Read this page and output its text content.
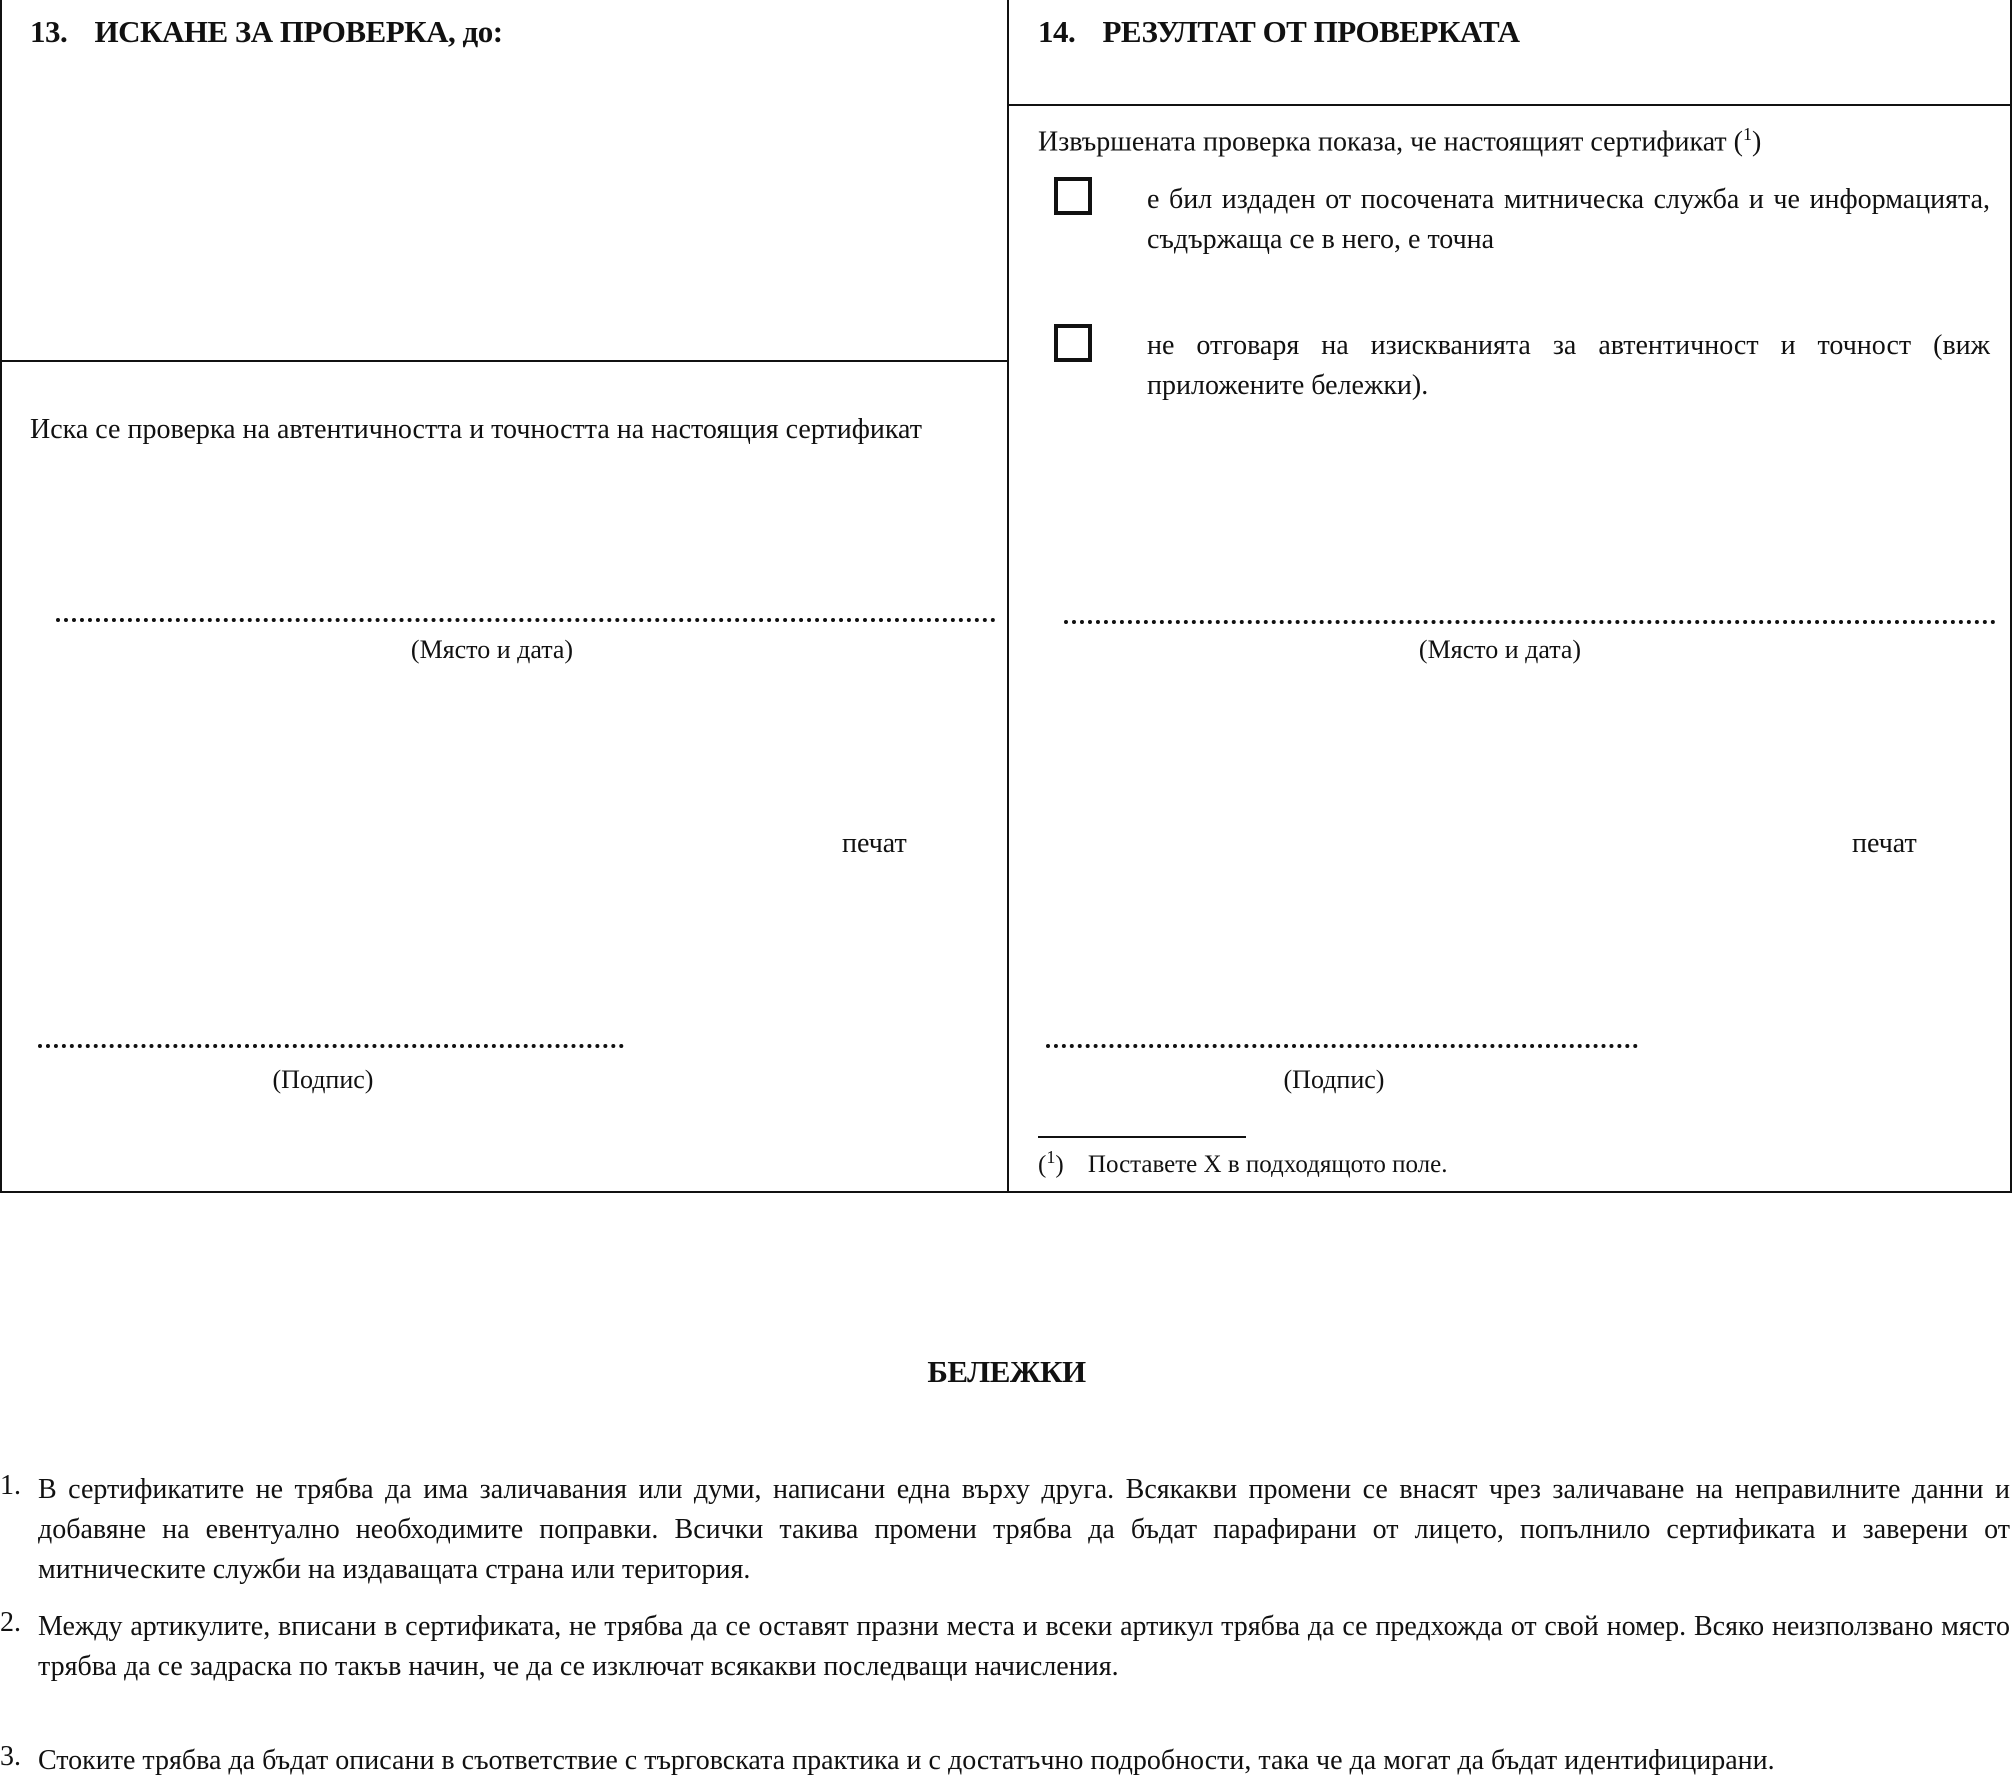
13. ИСКАНЕ ЗА ПРОВЕРКА, до:
Иска се проверка на автентичността и точността на настоящия сертификат
(Място и дата)
печат
(Подпис)
14. РЕЗУЛТАТ ОТ ПРОВЕРКАТА
Извършената проверка показа, че настоящият сертификат ($^1$)
е бил издаден от посочената митническа служба и че информацията, съдържаща се в него, е точна
не отговаря на изискванията за автентичност и точност (виж приложените бележки).
(Място и дата)
печат
(Подпис)
($^1$) Поставете X в подходящото поле.
БЕЛЕЖКИ
1. В сертификатите не трябва да има заличавания или думи, написани една върху друга. Всякакви промени се внасят чрез заличаване на неправилните данни и добавяне на евентуално необходимите поправки. Всички такива промени трябва да бъдат парафирани от лицето, попълнило сертификата и заверени от митническите служби на издаващата страна или територия.
2. Между артикулите, вписани в сертификата, не трябва да се оставят празни места и всеки артикул трябва да се предхожда от свой номер. Всяко неизползвано място трябва да се задраска по такъв начин, че да се изключат всякакви последващи начисления.
3. Стоките трябва да бъдат описани в съответствие с търговската практика и с достатъчно подробности, така че да могат да бъдат идентифицирани.
